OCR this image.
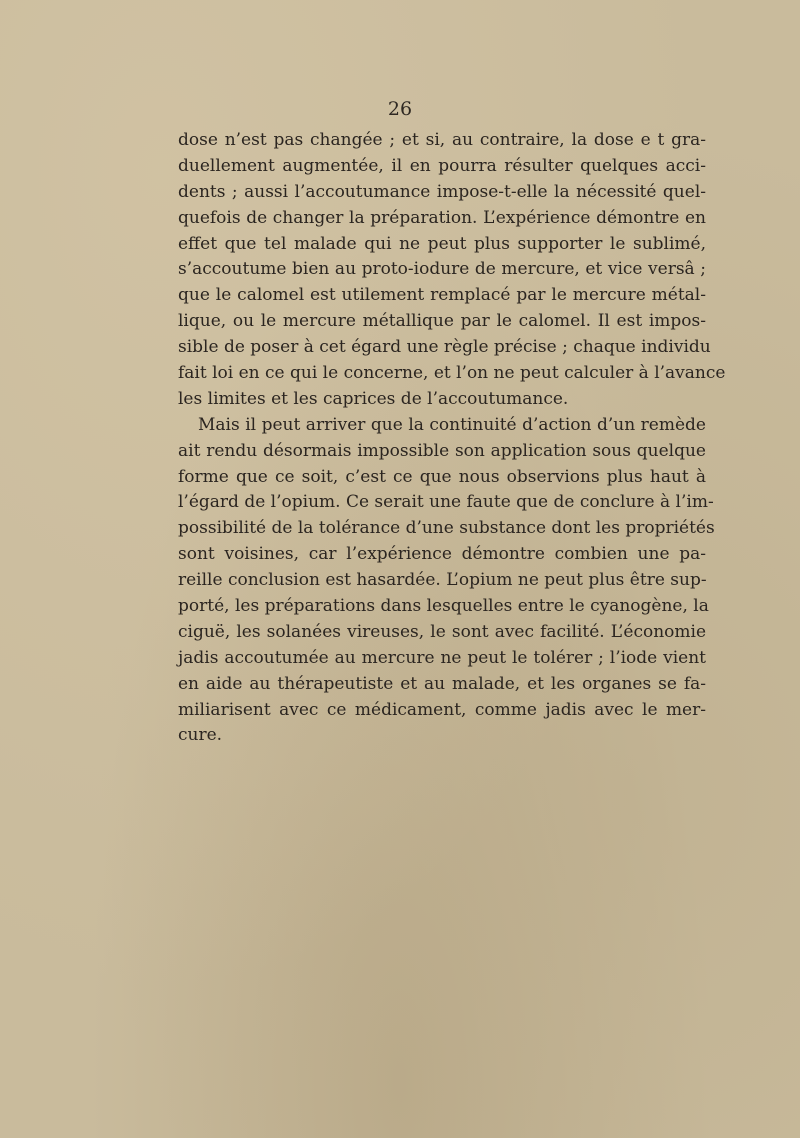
26
dose n’est pas changée ; et si, au contraire, la dose e t gra-
duellement augmentée, il en pourra résulter quelques acci-
dents ; aussi l’accoutumance impose-t-elle la nécessité quel-
quefois de changer la préparation. L’expérience démontre en
effet que tel malade qui ne peut plus supporter le sublimé,
s’accoutume bien au proto-iodure de mercure, et vice versâ ;
que le calomel est utilement remplacé par le mercure métal-
lique, ou le mercure métallique par le calomel. Il est impos-
sible de poser à cet égard une règle précise ; chaque individu
fait loi en ce qui le concerne, et l’on ne peut calculer à l’avance
les limites et les caprices de l’accoutumance.
Mais il peut arriver que la continuité d’action d’un remède
ait rendu désormais impossible son application sous quelque
forme que ce soit, c’est ce que nous observions plus haut à
l’égard de l’opium. Ce serait une faute que de conclure à l’im-
possibilité de la tolérance d’une substance dont les propriétés
sont voisines, car l’expérience démontre combien une pa-
reille conclusion est hasardée. L’opium ne peut plus être sup-
porté, les préparations dans lesquelles entre le cyanogène, la
ciguë, les solanées vireuses, le sont avec facilité. L’économie
jadis accoutumée au mercure ne peut le tolérer ; l’iode vient
en aide au thérapeutiste et au malade, et les organes se fa-
miliarisent avec ce médicament, comme jadis avec le mer-
cure.
